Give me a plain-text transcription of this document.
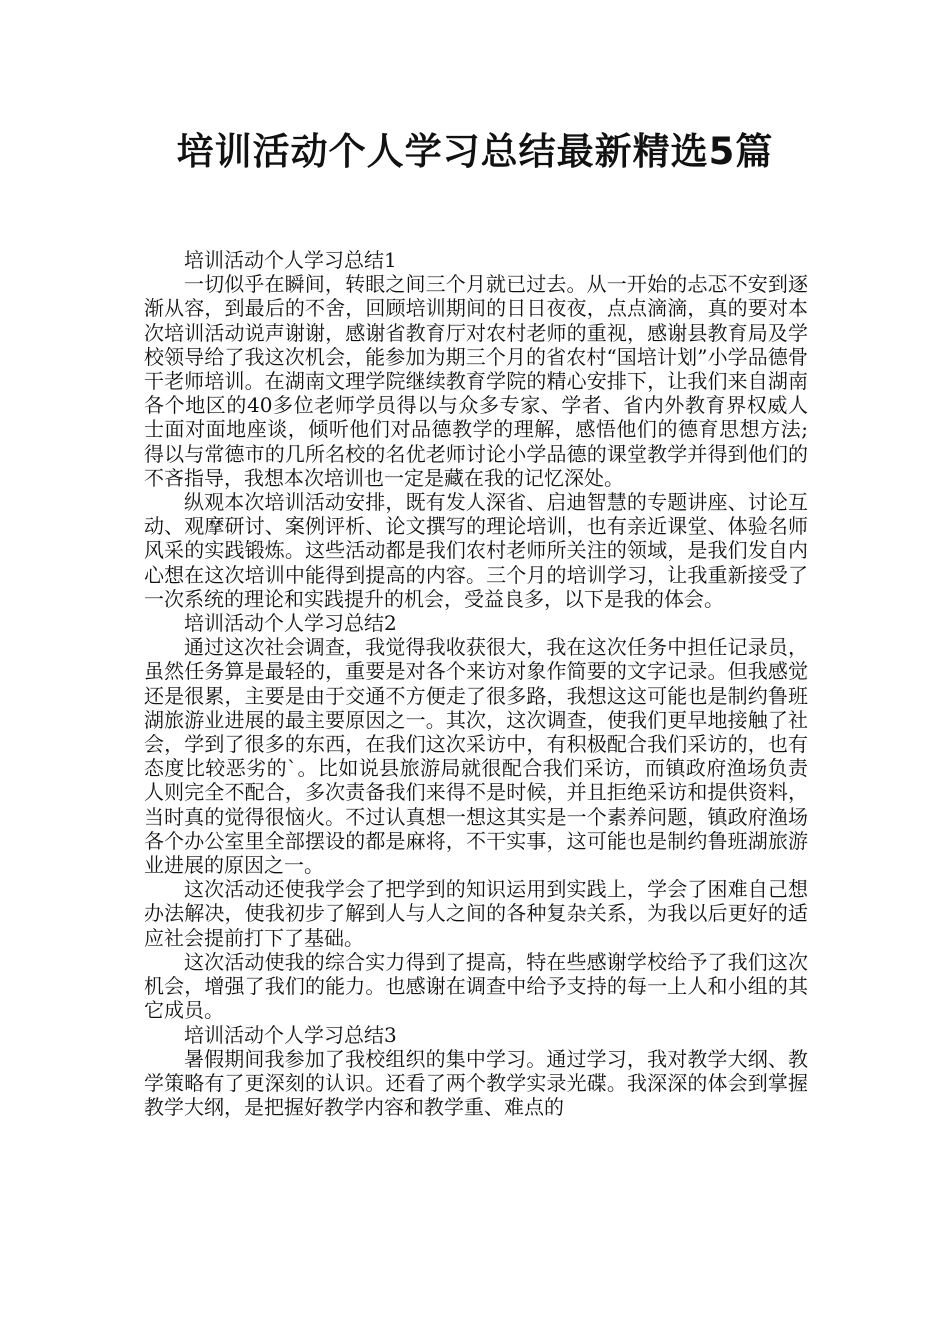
培训活动个人学习总结最新精选5篇

培训活动个人学习总结1

一切似乎在瞬间，转眼之间三个月就已过去。从一开始的忐忑不安到逐渐从容，到最后的不舍，回顾培训期间的日日夜夜，点点滴滴，真的要对本次培训活动说声谢谢，感谢省教育厅对农村老师的重视，感谢县教育局及学校领导给了我这次机会，能参加为期三个月的省农村“国培计划”小学品德骨干老师培训。在湖南文理学院继续教育学院的精心安排下，让我们来自湖南各个地区的40多位老师学员得以与众多专家、学者、省内外教育界权威人士面对面地座谈，倾听他们对品德教学的理解，感悟他们的德育思想方法;得以与常德市的几所名校的名优老师讨论小学品德的课堂教学并得到他们的不吝指导，我想本次培训也一定是藏在我的记忆深处。

纵观本次培训活动安排，既有发人深省、启迪智慧的专题讲座、讨论互动、观摩研讨、案例评析、论文撰写的理论培训，也有亲近课堂、体验名师风采的实践锻炼。这些活动都是我们农村老师所关注的领域，是我们发自内心想在这次培训中能得到提高的内容。三个月的培训学习，让我重新接受了一次系统的理论和实践提升的机会，受益良多，以下是我的体会。

培训活动个人学习总结2

通过这次社会调查，我觉得我收获很大，我在这次任务中担任记录员，虽然任务算是最轻的，重要是对各个来访对象作简要的文字记录。但我感觉还是很累，主要是由于交通不方便走了很多路，我想这这可能也是制约鲁班湖旅游业进展的最主要原因之一。其次，这次调查，使我们更早地接触了社会，学到了很多的东西，在我们这次采访中，有积极配合我们采访的，也有态度比较恶劣的`。比如说县旅游局就很配合我们采访，而镇政府渔场负责人则完全不配合，多次责备我们来得不是时候，并且拒绝采访和提供资料，当时真的觉得很恼火。不过认真想一想这其实是一个素养问题，镇政府渔场各个办公室里全部摆设的都是麻将，不干实事，这可能也是制约鲁班湖旅游业进展的原因之一。

这次活动还使我学会了把学到的知识运用到实践上，学会了困难自己想办法解决，使我初步了解到人与人之间的各种复杂关系，为我以后更好的适应社会提前打下了基础。

这次活动使我的综合实力得到了提高，特在些感谢学校给予了我们这次机会，增强了我们的能力。也感谢在调查中给予支持的每一上人和小组的其它成员。

培训活动个人学习总结3

暑假期间我参加了我校组织的集中学习。通过学习，我对教学大纲、教学策略有了更深刻的认识。还看了两个教学实录光碟。我深深的体会到掌握教学大纲，是把握好教学内容和教学重、难点的
